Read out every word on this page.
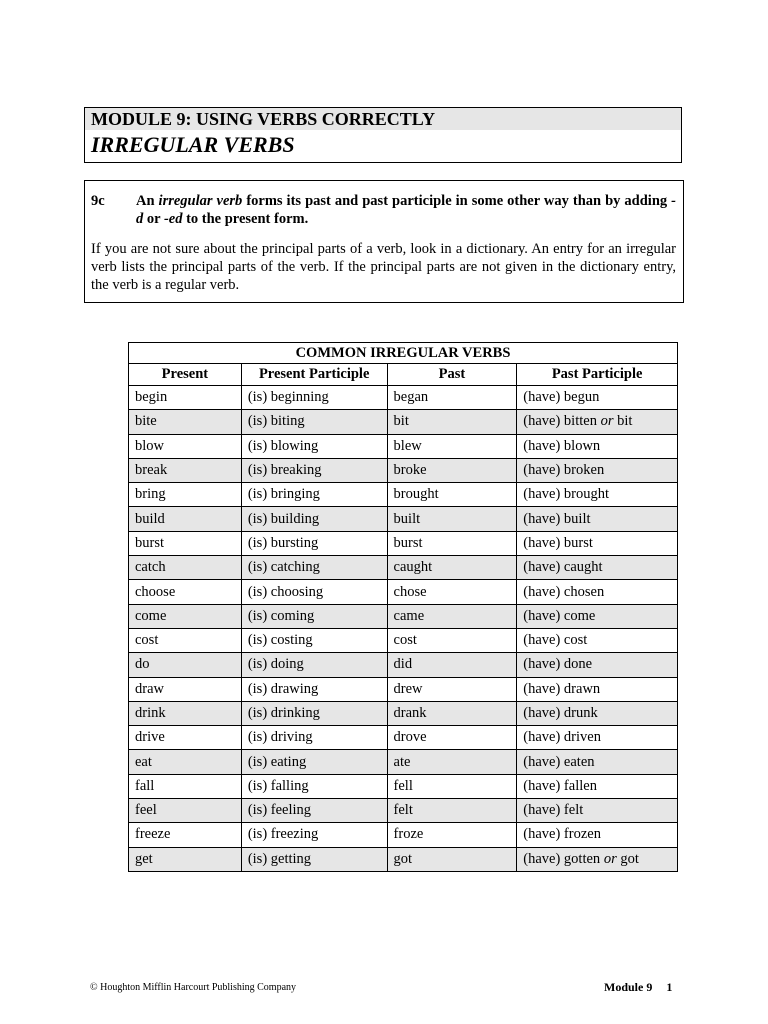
MODULE 9: USING VERBS CORRECTLY
IRREGULAR VERBS
9c	An irregular verb forms its past and past participle in some other way than by adding -d or -ed to the present form.
If you are not sure about the principal parts of a verb, look in a dictionary. An entry for an irregular verb lists the principal parts of the verb. If the principal parts are not given in the dictionary entry, the verb is a regular verb.
COMMON IRREGULAR VERBS			
Present	Present Participle	Past	Past Participle
begin	(is) beginning	began	(have) begun
bite	(is) biting	bit	(have) bitten or bit
blow	(is) blowing	blew	(have) blown
break	(is) breaking	broke	(have) broken
bring	(is) bringing	brought	(have) brought
build	(is) building	built	(have) built
burst	(is) bursting	burst	(have) burst
catch	(is) catching	caught	(have) caught
choose	(is) choosing	chose	(have) chosen
come	(is) coming	came	(have) come
cost	(is) costing	cost	(have) cost
do	(is) doing	did	(have) done
draw	(is) drawing	drew	(have) drawn
drink	(is) drinking	drank	(have) drunk
drive	(is) driving	drove	(have) driven
eat	(is) eating	ate	(have) eaten
fall	(is) falling	fell	(have) fallen
feel	(is) feeling	felt	(have) felt
freeze	(is) freezing	froze	(have) frozen
get	(is) getting	got	(have) gotten or got
© Houghton Mifflin Harcourt Publishing Company	Module 9 1
